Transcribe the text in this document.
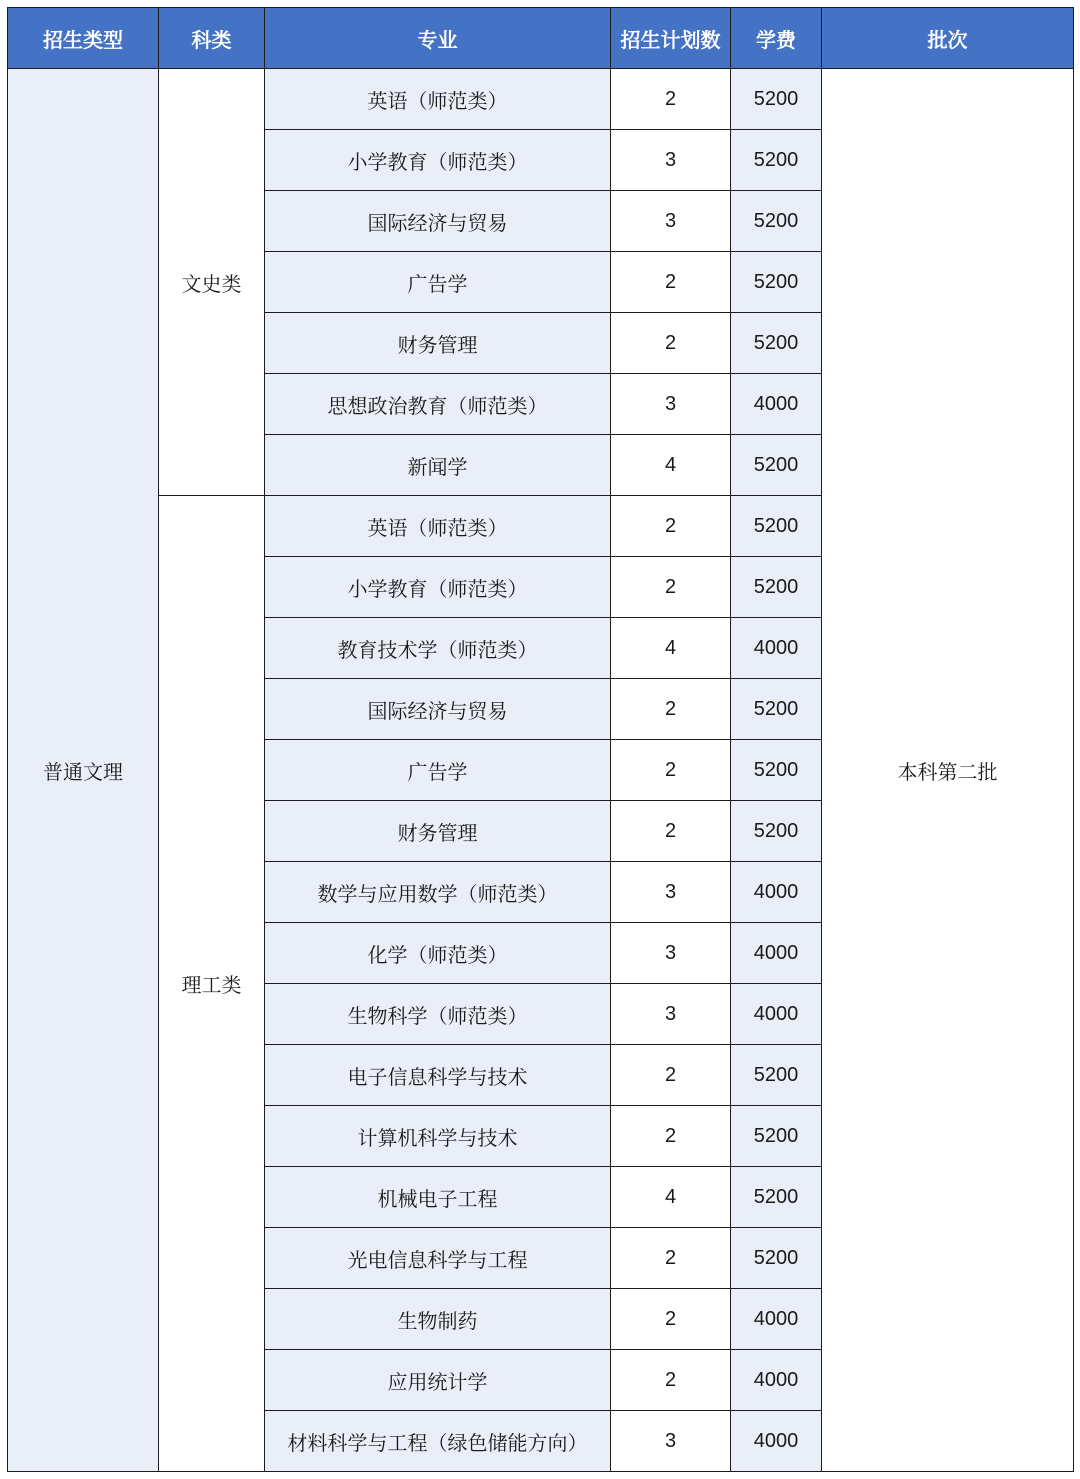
招生类型	科类	专业	招生计划数	学费	批次
普通文理	文史类	英语（师范类）	2	5200	本科第二批
		小学教育（师范类）	3	5200	
		国际经济与贸易	3	5200	
		广告学	2	5200	
		财务管理	2	5200	
		思想政治教育（师范类）	3	4000	
		新闻学	4	5200	
	理工类	英语（师范类）	2	5200	
		小学教育（师范类）	2	5200	
		教育技术学（师范类）	4	4000	
		国际经济与贸易	2	5200	
		广告学	2	5200	
		财务管理	2	5200	
		数学与应用数学（师范类）	3	4000	
		化学（师范类）	3	4000	
		生物科学（师范类）	3	4000	
		电子信息科学与技术	2	5200	
		计算机科学与技术	2	5200	
		机械电子工程	4	5200	
		光电信息科学与工程	2	5200	
		生物制药	2	4000	
		应用统计学	2	4000	
		材料科学与工程（绿色储能方向）	3	4000	
